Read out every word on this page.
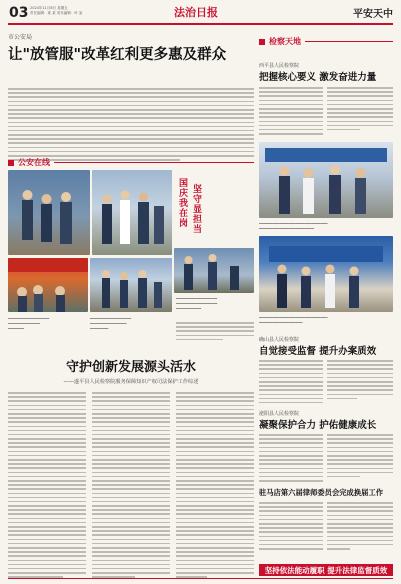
03 2024年11月8日 星期五
责任编辑：姜 某 美术编辑：叶 某	法治日报	平安天中
市公安局
让"放管服"改革红利更多惠及群众
公安在线
国庆我在岗 坚守显担当
━━━━━━━━━━━━━━━━━━
━━━━━━━━━━━━━━━━━━
━━━━━━━━━━━
━━━━━━━━━━━━━━━━━━
━━━━━━━━━━━━━━
━━━━━━━
━━━━━━━━━━━━━━━━━━
━━━━━━━━━━━━━━━━
━━━━━━━━
守护创新发展源头活水
——遂平县人民检察院服务保障知识产权司法保护工作综述
检察天地
西平县人民检察院
把握核心要义 激发奋进力量
━━━━━━━━━━━━━━━━━━━━━━━━━━━━━━
━━━━━━━━━━━━━━━━━━━━━━━━
━━━━━━━━━━━━━━━━━━━━━━━━━━━━━━
━━━━━━━━━━━━━━━━━━━
确山县人民检察院
自觉接受监督 提升办案质效
泌阳县人民检察院
凝聚保护合力 护佑健康成长
驻马店第六届律师委员会完成换届工作
坚持依法能动履职 提升法律监督质效
